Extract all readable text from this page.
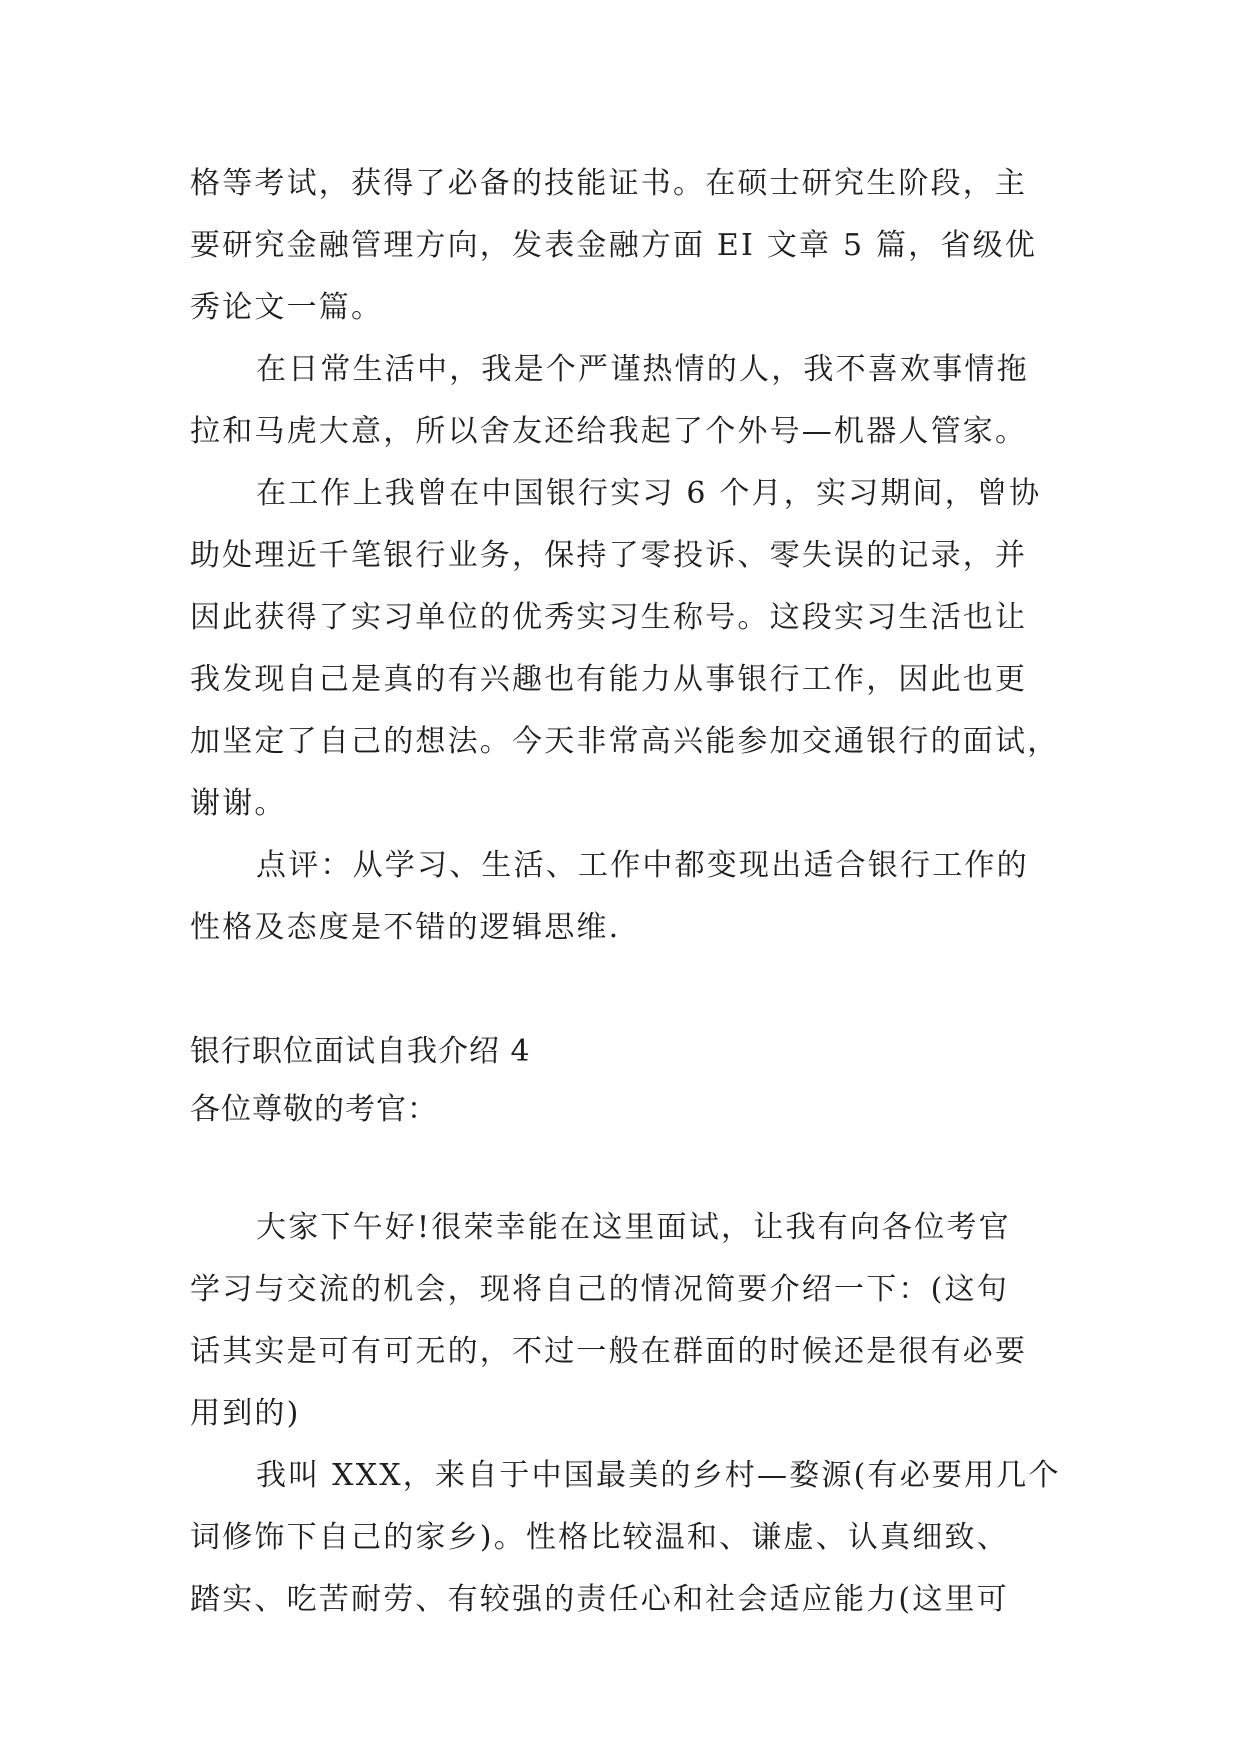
格等考试，获得了必备的技能证书。在硕士研究生阶段，主
要研究金融管理方向，发表金融方面 EI 文章 5 篇，省级优
秀论文一篇。
在日常生活中，我是个严谨热情的人，我不喜欢事情拖
拉和马虎大意，所以舍友还给我起了个外号—机器人管家。
在工作上我曾在中国银行实习 6 个月，实习期间，曾协
助处理近千笔银行业务，保持了零投诉、零失误的记录，并
因此获得了实习单位的优秀实习生称号。这段实习生活也让
我发现自己是真的有兴趣也有能力从事银行工作，因此也更
加坚定了自己的想法。今天非常高兴能参加交通银行的面试，
谢谢。
点评：从学习、生活、工作中都变现出适合银行工作的
性格及态度是不错的逻辑思维.
银行职位面试自我介绍 4
各位尊敬的考官：
大家下午好!很荣幸能在这里面试，让我有向各位考官
学习与交流的机会，现将自己的情况简要介绍一下：(这句
话其实是可有可无的，不过一般在群面的时候还是很有必要
用到的)
我叫 XXX，来自于中国最美的乡村—婺源(有必要用几个
词修饰下自己的家乡)。性格比较温和、谦虚、认真细致、
踏实、吃苦耐劳、有较强的责任心和社会适应能力(这里可
